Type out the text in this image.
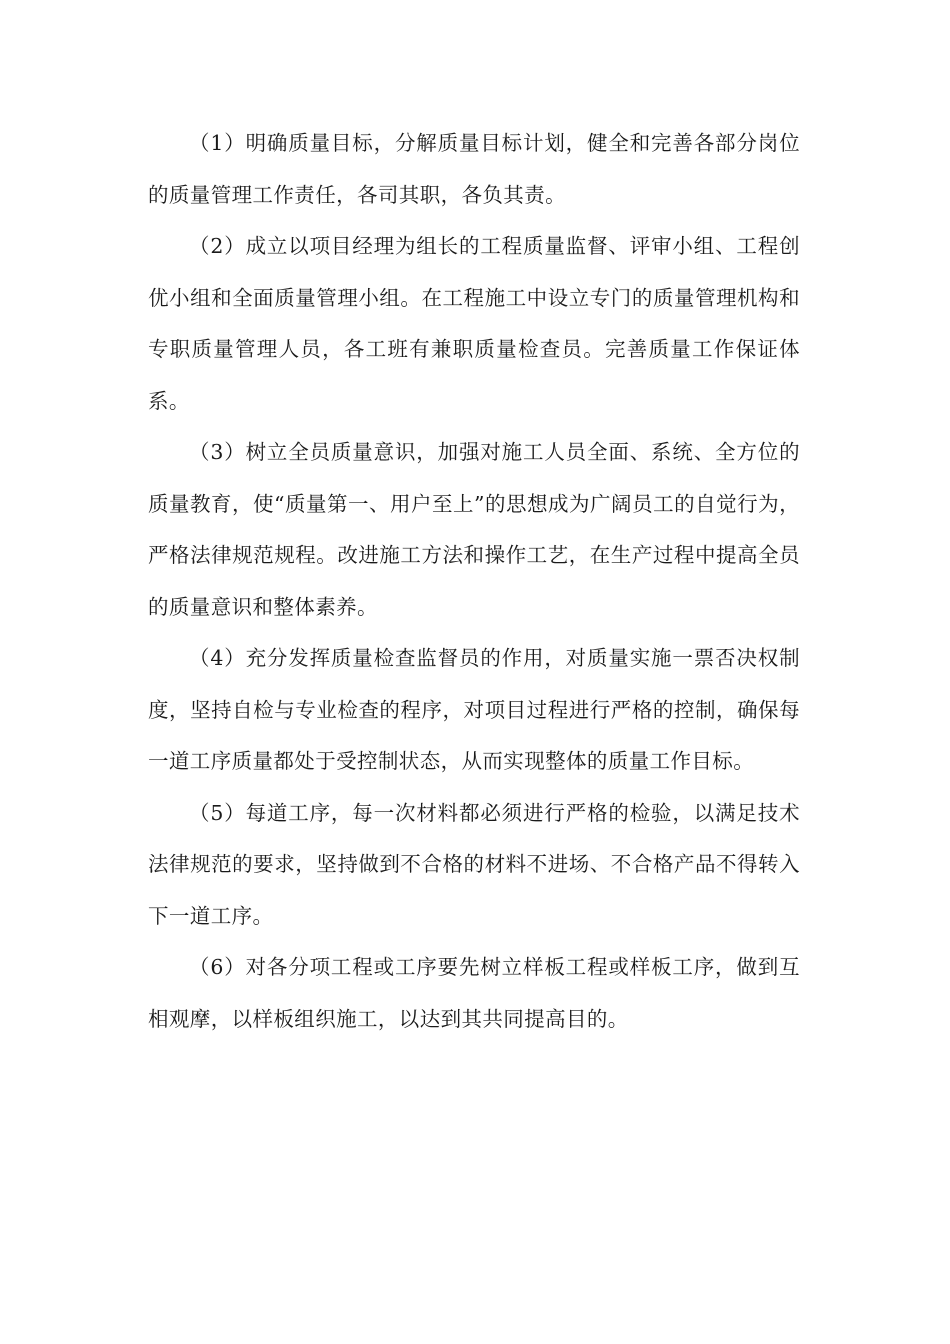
（1）明确质量目标，分解质量目标计划，健全和完善各部分岗位的质量管理工作责任，各司其职，各负其责。

（2）成立以项目经理为组长的工程质量监督、评审小组、工程创优小组和全面质量管理小组。在工程施工中设立专门的质量管理机构和专职质量管理人员，各工班有兼职质量检查员。完善质量工作保证体系。

（3）树立全员质量意识，加强对施工人员全面、系统、全方位的质量教育，使“质量第一、用户至上”的思想成为广阔员工的自觉行为，严格法律规范规程。改进施工方法和操作工艺，在生产过程中提高全员的质量意识和整体素养。

（4）充分发挥质量检查监督员的作用，对质量实施一票否决权制度，坚持自检与专业检查的程序，对项目过程进行严格的控制，确保每一道工序质量都处于受控制状态，从而实现整体的质量工作目标。

（5）每道工序，每一次材料都必须进行严格的检验，以满足技术法律规范的要求，坚持做到不合格的材料不进场、不合格产品不得转入下一道工序。

（6）对各分项工程或工序要先树立样板工程或样板工序，做到互相观摩，以样板组织施工，以达到其共同提高目的。
